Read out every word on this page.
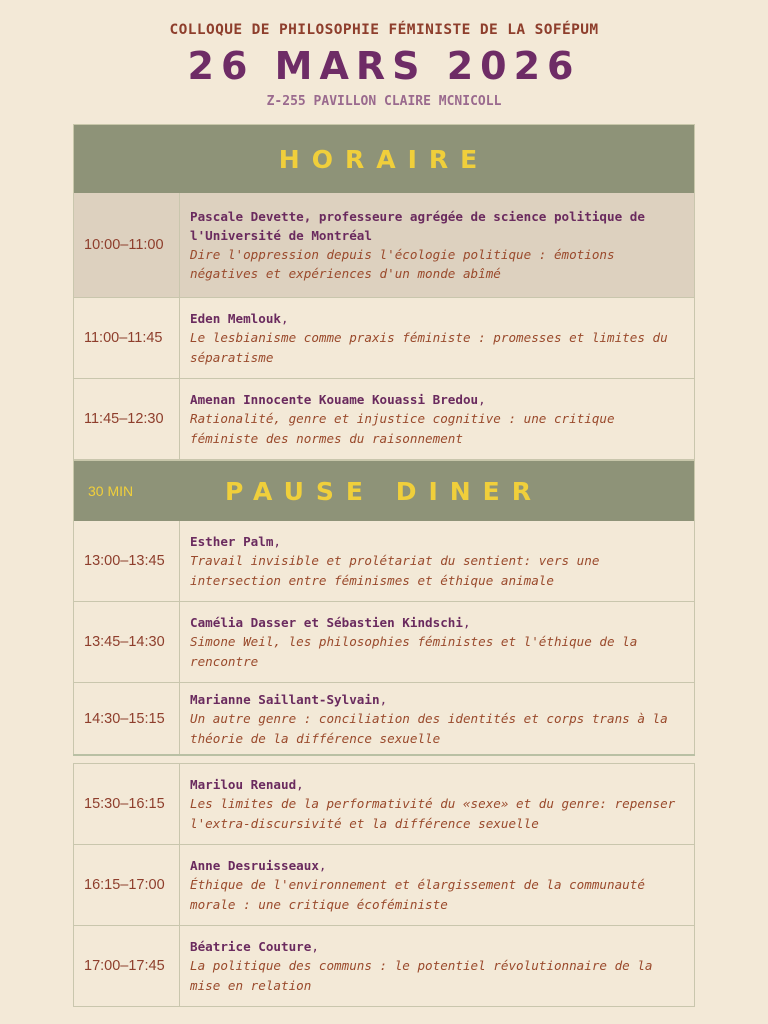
COLLOQUE DE PHILOSOPHIE FÉMINISTE DE LA SOFÉPUM
26 MARS 2026
Z-255 PAVILLON CLAIRE MCNICOLL
HORAIRE
10:00–11:00
Pascale Devette, professeure agrégée de science politique de l'Université de Montréal
Dire l'oppression depuis l'écologie politique : émotions négatives et expériences d'un monde abîmé
11:00–11:45
Eden Memlouk,
Le lesbianisme comme praxis féministe : promesses et limites du séparatisme
11:45–12:30
Amenan Innocente Kouame Kouassi Bredou,
Rationalité, genre et injustice cognitive : une critique féministe des normes du raisonnement
30 MIN	PAUSE DINER
13:00–13:45
Esther Palm,
Travail invisible et prolétariat du sentient: vers une intersection entre féminismes et éthique animale
13:45–14:30
Camélia Dasser et Sébastien Kindschi,
Simone Weil, les philosophies féministes et l'éthique de la rencontre
14:30–15:15
Marianne Saillant-Sylvain,
Un autre genre : conciliation des identités et corps trans à la théorie de la différence sexuelle
15:30–16:15
Marilou Renaud,
Les limites de la performativité du «sexe» et du genre: repenser l'extra-discursivité et la différence sexuelle
16:15–17:00
Anne Desruisseaux,
Éthique de l'environnement et élargissement de la communauté morale : une critique écoféministe
17:00–17:45
Béatrice Couture,
La politique des communs : le potentiel révolutionnaire de la mise en relation
